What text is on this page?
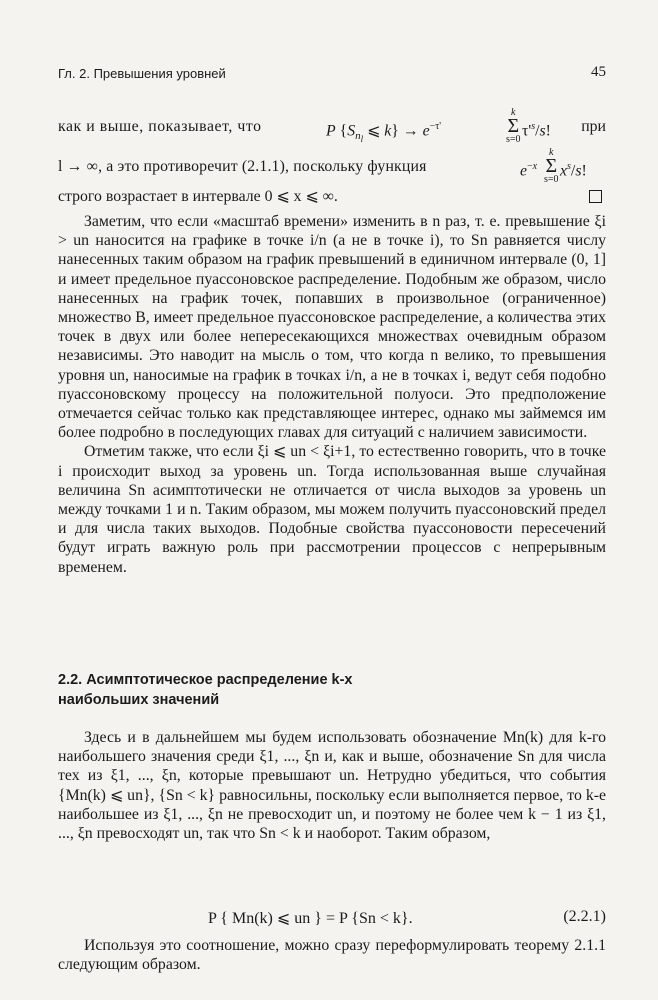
Гл. 2. Превышения уровней	45
как и выше, показывает, что	P {$S_{n_l}$ ⩽ $k\} \to e^{-\tau'}$
k
Σ
s=0
$\tau'^s/s$! при
l → ∞, а это противоречит (2.1.1), поскольку функция	$e^{-x}$
k
Σ
s=0
$x^s/s$!
строго возрастает в интервале 0 ⩽ x ⩽ ∞.

Заметим, что если «масштаб времени» изменить в n раз, т. е. превышение ξi > un наносится на графике в точке i/n (а не в точке i), то Sn равняется числу нанесенных таким образом на график превышений в единичном интервале (0, 1] и имеет предельное пуассоновское распределение. Подобным же образом, число нанесенных на график точек, попавших в произвольное (ограниченное) множество B, имеет предельное пуассоновское распределение, а количества этих точек в двух или более непересекающихся множествах очевидным образом независимы. Это наводит на мысль о том, что когда n велико, то превышения уровня un, наносимые на график в точках i/n, а не в точках i, ведут себя подобно пуассоновскому процессу на положительной полуоси. Это предположение отмечается сейчас только как представляющее интерес, однако мы займемся им более подробно в последующих главах для ситуаций с наличием зависимости.

Отметим также, что если ξi ⩽ un < ξi+1, то естественно говорить, что в точке i происходит выход за уровень un. Тогда использованная выше случайная величина Sn асимптотически не отличается от числа выходов за уровень un между точками 1 и n. Таким образом, мы можем получить пуассоновский предел и для числа таких выходов. Подобные свойства пуассоновости пересечений будут играть важную роль при рассмотрении процессов с непрерывным временем.

2.2. Асимптотическое распределение k-х
наибольших значений

Здесь и в дальнейшем мы будем использовать обозначение Mn(k) для k-го наибольшего значения среди ξ1, ..., ξn и, как и выше, обозначение Sn для числа тех из ξ1, ..., ξn, которые превышают un. Нетрудно убедиться, что события {Mn(k) ⩽ un}, {Sn < k} равносильны, поскольку если выполняется первое, то k-е наибольшее из ξ1, ..., ξn не превосходит un, и поэтому не более чем k − 1 из ξ1, ..., ξn превосходят un, так что Sn < k и наоборот. Таким образом,

P { Mn(k) ⩽ un } = P {Sn < k}.	(2.2.1)

Используя это соотношение, можно сразу переформулировать теорему 2.1.1 следующим образом.
